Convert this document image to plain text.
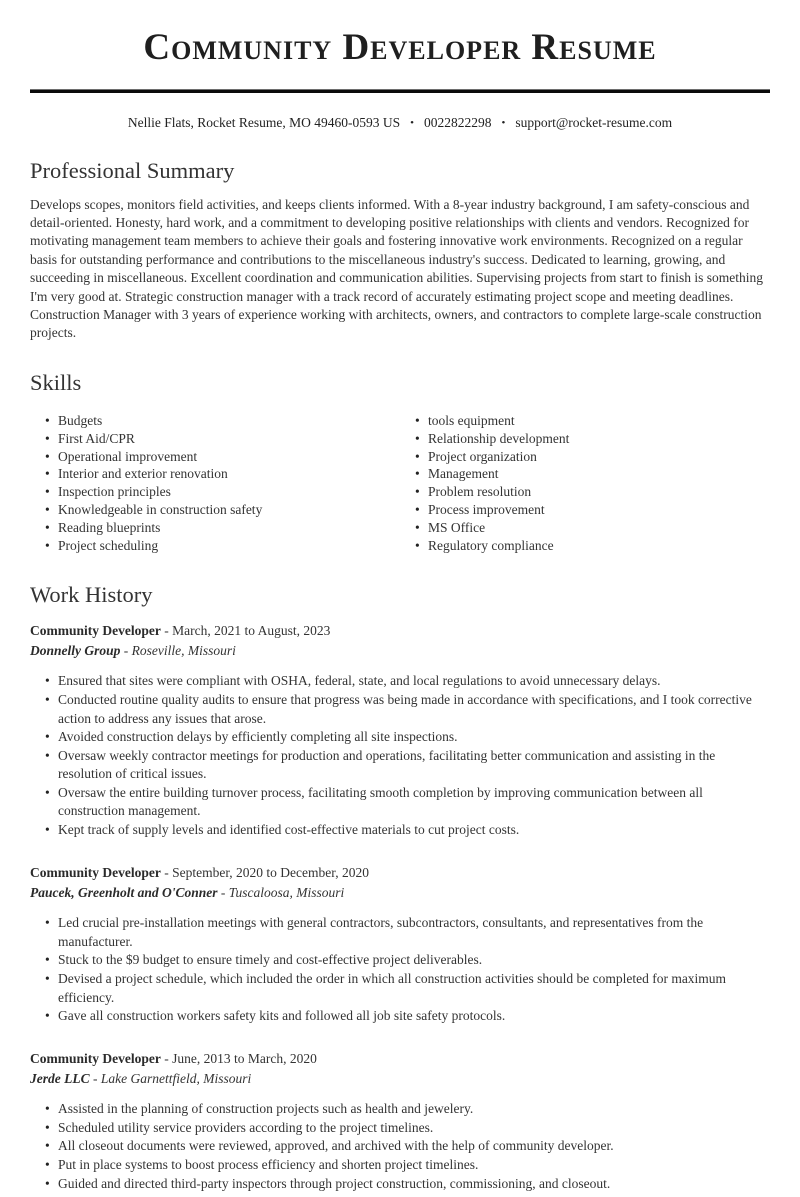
Community Developer Resume
Nellie Flats, Rocket Resume, MO 49460-0593 US • 0022822298 • support@rocket-resume.com
Professional Summary

Develops scopes, monitors field activities, and keeps clients informed. With a 8-year industry background, I am safety-conscious and detail-oriented. Honesty, hard work, and a commitment to developing positive relationships with clients and vendors. Recognized for motivating management team members to achieve their goals and fostering innovative work environments. Recognized on a regular basis for outstanding performance and contributions to the miscellaneous industry's success. Dedicated to learning, growing, and succeeding in miscellaneous. Excellent coordination and communication abilities. Supervising projects from start to finish is something I'm very good at. Strategic construction manager with a track record of accurately estimating project scope and meeting deadlines. Construction Manager with 3 years of experience working with architects, owners, and contractors to complete large-scale construction projects.

Skills
• Budgets
• First Aid/CPR
• Operational improvement
• Interior and exterior renovation
• Inspection principles
• Knowledgeable in construction safety
• Reading blueprints
• Project scheduling
• tools equipment
• Relationship development
• Project organization
• Management
• Problem resolution
• Process improvement
• MS Office
• Regulatory compliance
Work History

Community Developer - March, 2021 to August, 2023

Donnelly Group - Roseville, Missouri

• Ensured that sites were compliant with OSHA, federal, state, and local regulations to avoid unnecessary delays.
• Conducted routine quality audits to ensure that progress was being made in accordance with specifications, and I took corrective action to address any issues that arose.
• Avoided construction delays by efficiently completing all site inspections.
• Oversaw weekly contractor meetings for production and operations, facilitating better communication and assisting in the resolution of critical issues.
• Oversaw the entire building turnover process, facilitating smooth completion by improving communication between all construction management.
• Kept track of supply levels and identified cost-effective materials to cut project costs.

Community Developer - September, 2020 to December, 2020

Paucek, Greenholt and O'Conner - Tuscaloosa, Missouri

• Led crucial pre-installation meetings with general contractors, subcontractors, consultants, and representatives from the manufacturer.
• Stuck to the $9 budget to ensure timely and cost-effective project deliverables.
• Devised a project schedule, which included the order in which all construction activities should be completed for maximum efficiency.
• Gave all construction workers safety kits and followed all job site safety protocols.

Community Developer - June, 2013 to March, 2020

Jerde LLC - Lake Garnettfield, Missouri

• Assisted in the planning of construction projects such as health and jewelery.
• Scheduled utility service providers according to the project timelines.
• All closeout documents were reviewed, approved, and archived with the help of community developer.
• Put in place systems to boost process efficiency and shorten project timelines.
• Guided and directed third-party inspectors through project construction, commissioning, and closeout.
